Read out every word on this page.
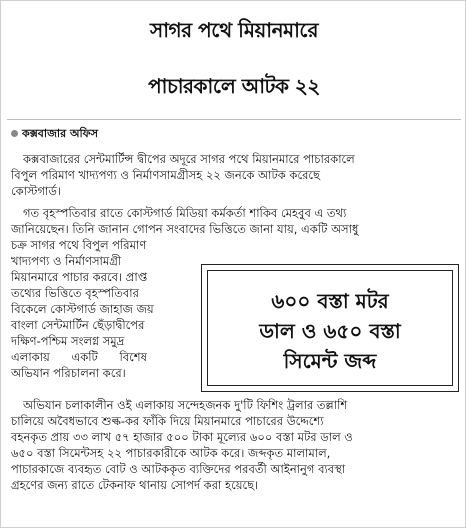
সাগর পথে মিয়ানমারে
পাচারকালে আটক ২২
কক্সবাজার অফিস
কক্সবাজারের সেন্টমার্টিন্স দ্বীপের অদূরে সাগর পথে মিয়ানমারে পাচারকালে
বিপুল পরিমাণ খাদ্যপণ্য ও নির্মাণসামগ্রীসহ ২২ জনকে আটক করেছে
কোস্টগার্ড।
গত বৃহস্পতিবার রাতে কোস্টগার্ড মিডিয়া কর্মকর্তা শাকিব মেহবুব এ তথ্য
জানিয়েছেন। তিনি জানান গোপন সংবাদের ভিত্তিতে জানা যায়, একটি অসাধু
চক্র সাগর পথে বিপুল পরিমাণ
খাদ্যপণ্য ও নির্মাণসামগ্রী
মিয়ানমারে পাচার করবে। প্রাপ্ত
তথ্যের ভিত্তিতে বৃহস্পতিবার
বিকেলে কোস্টগার্ড জাহাজ জয়
বাংলা সেন্টমার্টিন ছেঁড়াদ্বীপের
দক্ষিণ-পশ্চিম সংলগ্ন সমুদ্র
এলাকায় একটি বিশেষ
অভিযান পরিচালনা করে।
৬০০ বস্তা মটর
ডাল ও ৬৫০ বস্তা
সিমেন্ট জব্দ
অভিযান চলাকালীন ওই এলাকায় সন্দেহজনক দু'টি ফিশিং ট্রলার তল্লাশি
চালিয়ে অবৈধভাবে শুল্ক-কর ফাঁকি দিয়ে মিয়ানমারে পাচারের উদ্দেশ্যে
বহনকৃত প্রায় ৩৩ লাখ ৫৭ হাজার ৫০০ টাকা মূল্যের ৬০০ বস্তা মটর ডাল ও
৬৫০ বস্তা সিমেন্টসহ ২২ পাচারকারীকে আটক করে। জব্দকৃত মালামাল,
পাচারকাজে ব্যবহৃত বোট ও আটককৃত ব্যক্তিদের পরবর্তী আইনানুগ ব্যবস্থা
গ্রহণের জন্য রাতে টেকনাফ থানায় সোপর্দ করা হয়েছে।
